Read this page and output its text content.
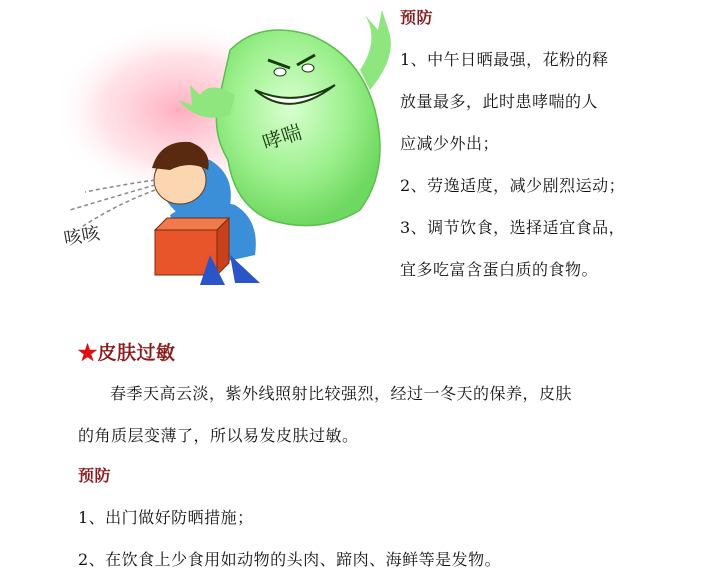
哮喘
咳咳
预防
1、中午日晒最强，花粉的释
放量最多，此时患哮喘的人
应减少外出；
2、劳逸适度，减少剧烈运动；
3、调节饮食，选择适宜食品，
宜多吃富含蛋白质的食物。
★皮肤过敏
春季天高云淡，紫外线照射比较强烈，经过一冬天的保养，皮肤
的角质层变薄了，所以易发皮肤过敏。
预防
1、出门做好防晒措施；
2、在饮食上少食用如动物的头肉、蹄肉、海鲜等是发物。
